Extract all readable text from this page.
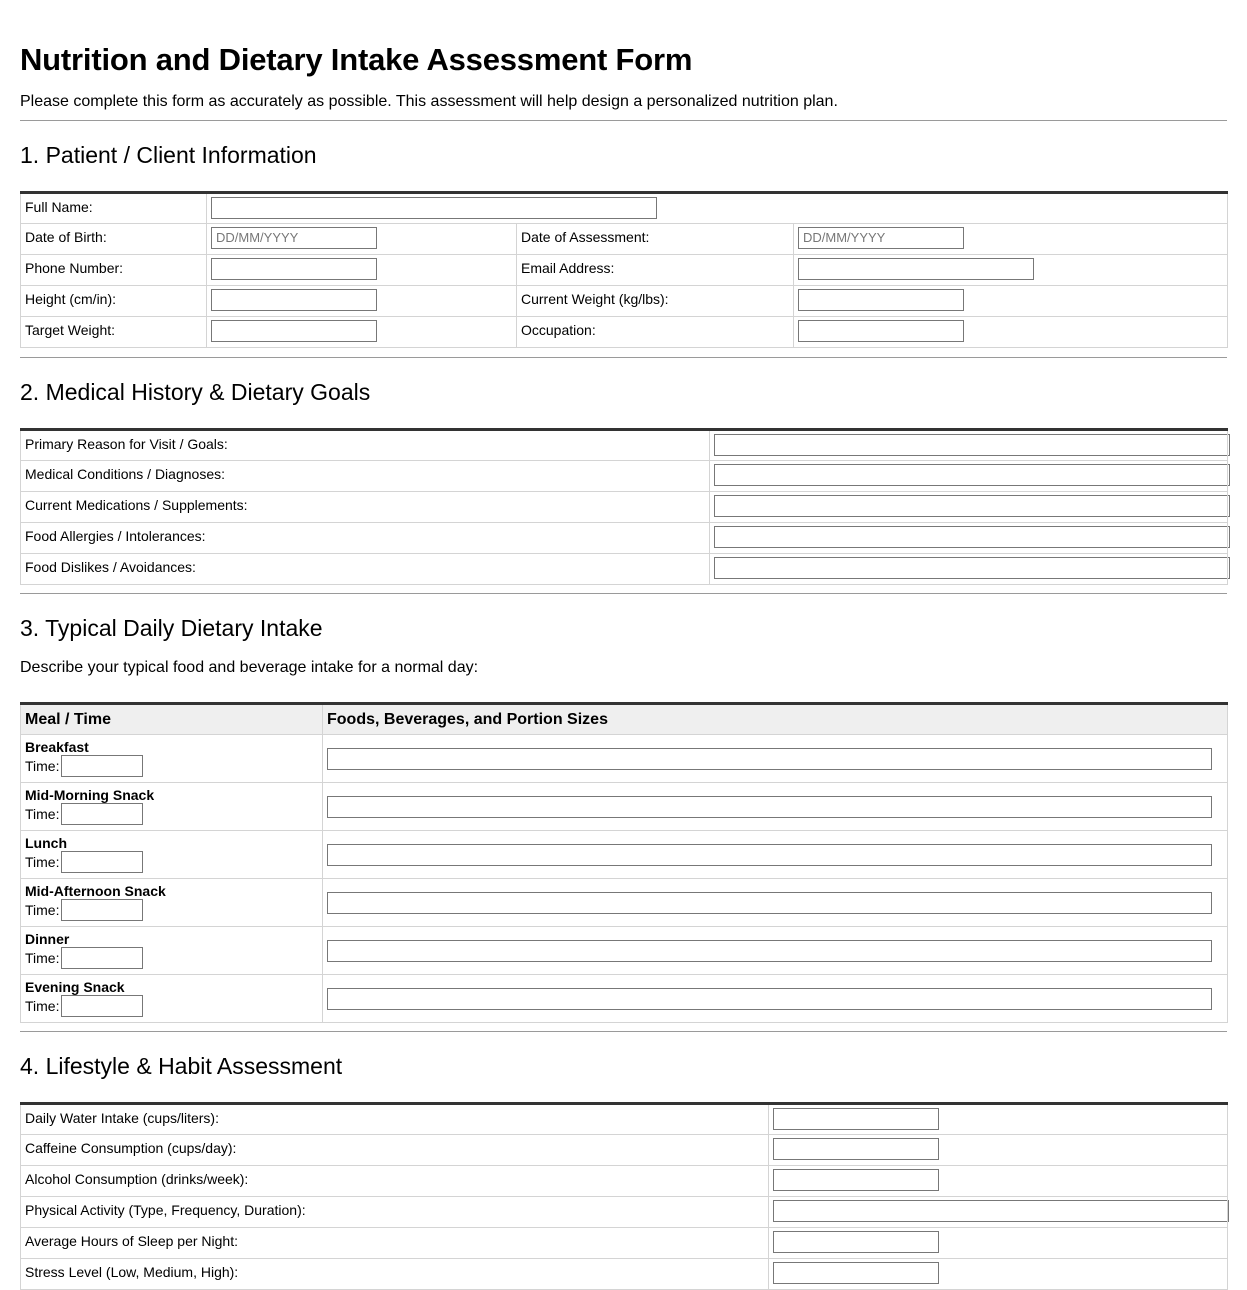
Nutrition and Dietary Intake Assessment Form

Please complete this form as accurately as possible. This assessment will help design a personalized nutrition plan.

1. Patient / Client Information
Full Name:			

Date of Birth:	DD/MM/YYYY	Date of Assessment:	DD/MM/YYYY

Phone Number:		Email Address:	

Height (cm/in):		Current Weight (kg/lbs):	

Target Weight:		Occupation:	
2. Medical History & Dietary Goals
Primary Reason for Visit / Goals:	

Medical Conditions / Diagnoses:	

Current Medications / Supplements:	

Food Allergies / Intolerances:	

Food Dislikes / Avoidances:	
3. Typical Daily Dietary Intake

Describe your typical food and beverage intake for a normal day:

Meal / Time	Foods, Beverages, and Portion Sizes

Breakfast
Time:	

Mid-Morning Snack
Time:	

Lunch
Time:	

Mid-Afternoon Snack
Time:	

Dinner
Time:	

Evening Snack
Time:	

4. Lifestyle & Habit Assessment
Daily Water Intake (cups/liters):	

Caffeine Consumption (cups/day):	

Alcohol Consumption (drinks/week):	

Physical Activity (Type, Frequency, Duration):	

Average Hours of Sleep per Night:	

Stress Level (Low, Medium, High):	
